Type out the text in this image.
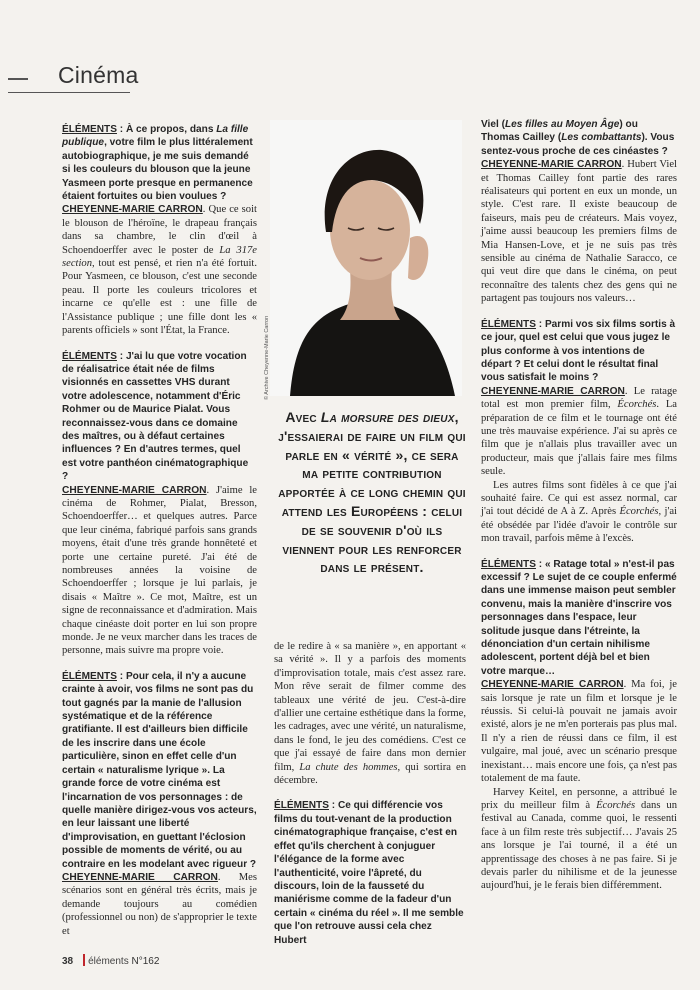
Cinéma

ÉLÉMENTS : À ce propos, dans La fille publique, votre film le plus littéralement autobiographique, je me suis demandé si les couleurs du blouson que la jeune Yasmeen porte presque en permanence étaient fortuites ou bien voulues ?

CHEYENNE-MARIE CARRON. Que ce soit le blouson de l'héroïne, le drapeau français dans sa chambre, le clin d'œil à Schoendoerffer avec le poster de La 317e section, tout est pensé, et rien n'a été fortuit. Pour Yasmeen, ce blouson, c'est une seconde peau. Il porte les couleurs tricolores et incarne ce qu'elle est : une fille de l'Assistance publique ; une fille dont les « parents officiels » sont l'État, la France.

ÉLÉMENTS : J'ai lu que votre vocation de réalisatrice était née de films visionnés en cassettes VHS durant votre adolescence, notamment d'Éric Rohmer ou de Maurice Pialat. Vous reconnaissez-vous dans ce domaine des maîtres, ou à défaut certaines influences ? En d'autres termes, quel est votre panthéon cinématographique ?

CHEYENNE-MARIE CARRON. J'aime le cinéma de Rohmer, Pialat, Bresson, Schoendoerffer… et quelques autres. Parce que leur cinéma, fabriqué parfois sans grands moyens, était d'une très grande honnêteté et porte une certaine pureté. J'ai été de nombreuses années la voisine de Schoendoerffer ; lorsque je lui parlais, je disais « Maître ». Ce mot, Maître, est un signe de reconnaissance et d'admiration. Mais chaque cinéaste doit porter en lui son propre monde. Je ne veux marcher dans les traces de personne, mais suivre ma propre voie.

ÉLÉMENTS : Pour cela, il n'y a aucune crainte à avoir, vos films ne sont pas du tout gagnés par la manie de l'allusion systématique et de la référence gratifiante. Il est d'ailleurs bien difficile de les inscrire dans une école particulière, sinon en effet celle d'un certain « naturalisme lyrique ». La grande force de votre cinéma est l'incarnation de vos personnages : de quelle manière dirigez-vous vos acteurs, en leur laissant une liberté d'improvisation, en guettant l'éclosion possible de moments de vérité, ou au contraire en les modelant avec rigueur ?

CHEYENNE-MARIE CARRON. Mes scénarios sont en général très écrits, mais je demande toujours au comédien (professionnel ou non) de s'approprier le texte et

© Archive Cheyenne-Marie Carron
Avec La morsure des dieux, j'essaierai de faire un film qui parle en « vérité », ce sera ma petite contribution apportée à ce long chemin qui attend les Européens : celui de se souvenir d'où ils viennent pour les renforcer dans le présent.

de le redire à « sa manière », en apportant « sa vérité ». Il y a parfois des moments d'improvisation totale, mais c'est assez rare. Mon rêve serait de filmer comme des tableaux une vérité de jeu. C'est-à-dire d'allier une certaine esthétique dans la forme, les cadrages, avec une vérité, un naturalisme, dans le fond, le jeu des comédiens. C'est ce que j'ai essayé de faire dans mon dernier film, La chute des hommes, qui sortira en décembre.

ÉLÉMENTS : Ce qui différencie vos films du tout-venant de la production cinématographique française, c'est en effet qu'ils cherchent à conjuguer l'élégance de la forme avec l'authenticité, voire l'âpreté, du discours, loin de la fausseté du maniérisme comme de la fadeur d'un certain « cinéma du réel ». Il me semble que l'on retrouve aussi cela chez Hubert

Viel (Les filles au Moyen Âge) ou Thomas Cailley (Les combattants). Vous sentez-vous proche de ces cinéastes ?

CHEYENNE-MARIE CARRON. Hubert Viel et Thomas Cailley font partie des rares réalisateurs qui portent en eux un monde, un style. C'est rare. Il existe beaucoup de faiseurs, mais peu de créateurs. Mais voyez, j'aime aussi beaucoup les premiers films de Mia Hansen-Love, et je ne suis pas très sensible au cinéma de Nathalie Saracco, ce qui veut dire que dans le cinéma, on peut reconnaître des talents chez des gens qui ne partagent pas toujours nos valeurs…

ÉLÉMENTS : Parmi vos six films sortis à ce jour, quel est celui que vous jugez le plus conforme à vos intentions de départ ? Et celui dont le résultat final vous satisfait le moins ?

CHEYENNE-MARIE CARRON. Le ratage total est mon premier film, Écorchés. La préparation de ce film et le tournage ont été une très mauvaise expérience. J'ai su après ce film que je n'allais plus travailler avec un producteur, mais que j'allais faire mes films seule.

Les autres films sont fidèles à ce que j'ai souhaité faire. Ce qui est assez normal, car j'ai tout décidé de A à Z. Après Écorchés, j'ai été obsédée par l'idée d'avoir le contrôle sur mon travail, parfois même à l'excès.

ÉLÉMENTS : « Ratage total » n'est-il pas excessif ? Le sujet de ce couple enfermé dans une immense maison peut sembler convenu, mais la manière d'inscrire vos personnages dans l'espace, leur solitude jusque dans l'étreinte, la dénonciation d'un certain nihilisme adolescent, portent déjà bel et bien votre marque…

CHEYENNE-MARIE CARRON. Ma foi, je sais lorsque je rate un film et lorsque je le réussis. Si celui-là pouvait ne jamais avoir existé, alors je ne m'en porterais pas plus mal. Il n'y a rien de réussi dans ce film, il est vulgaire, mal joué, avec un scénario presque inexistant… mais encore une fois, ça n'est pas totalement de ma faute.

Harvey Keitel, en personne, a attribué le prix du meilleur film à Écorchés dans un festival au Canada, comme quoi, le ressenti face à un film reste très subjectif… J'avais 25 ans lorsque je l'ai tourné, il a été un apprentissage des choses à ne pas faire. Si je devais parler du nihilisme et de la jeunesse aujourd'hui, je le ferais bien différemment.

38 éléments N°162
